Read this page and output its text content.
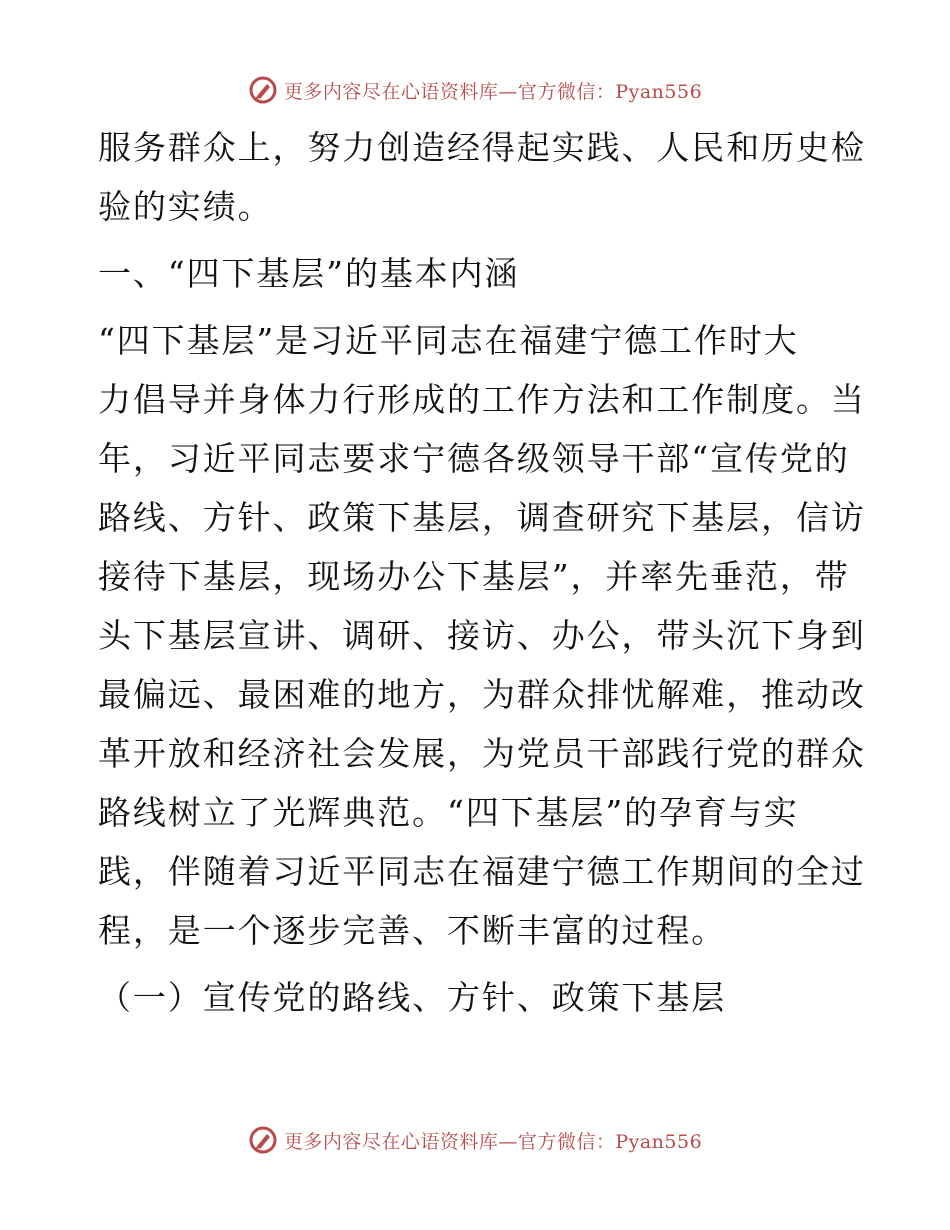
更多内容尽在心语资料库—官方微信：Pyan556
服务群众上，努力创造经得起实践、人民和历史检
验的实绩。
一、“四下基层”的基本内涵
“四下基层”是习近平同志在福建宁德工作时大
力倡导并身体力行形成的工作方法和工作制度。当
年，习近平同志要求宁德各级领导干部“宣传党的
路线、方针、政策下基层，调查研究下基层，信访
接待下基层，现场办公下基层”，并率先垂范，带
头下基层宣讲、调研、接访、办公，带头沉下身到
最偏远、最困难的地方，为群众排忧解难，推动改
革开放和经济社会发展，为党员干部践行党的群众
路线树立了光辉典范。“四下基层”的孕育与实
践，伴随着习近平同志在福建宁德工作期间的全过
程，是一个逐步完善、不断丰富的过程。
（一）宣传党的路线、方针、政策下基层
更多内容尽在心语资料库—官方微信：Pyan556
